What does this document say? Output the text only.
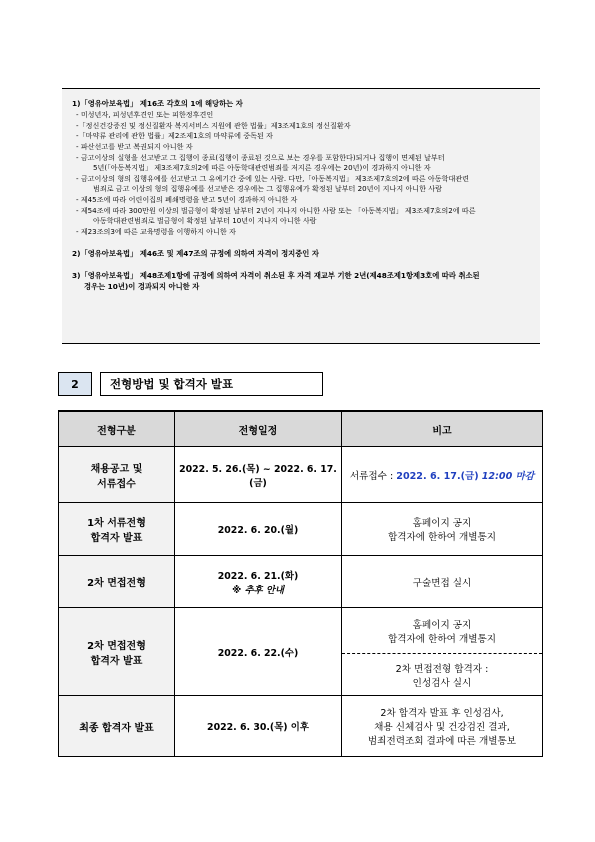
1)「영유아보육법」 제16조 각호의 1에 해당하는 자
- 미성년자, 피성년후견인 또는 피한정후견인
-「정신건강증진 및 정신질환자 복지서비스 지원에 관한 법률」제3조제1호의 정신질환자
-「마약류 관리에 관한 법률」제2조제1호의 마약류에 중독된 자
- 파산선고를 받고 복권되지 아니한 자
- 금고이상의 실형을 선고받고 그 집행이 종료(집행이 종료된 것으로 보는 경우를 포함한다)되거나 집행이 면제된 날부터
5년(「아동복지법」 제3조제7호의2에 따른 아동학대관련범죄를 저지른 경우에는 20년)이 경과하지 아니한 자
- 금고이상의 형의 집행유예를 선고받고 그 유예기간 중에 있는 사람. 다만,「아동복지법」 제3조제7호의2에 따른 아동학대관련
범죄로 금고 이상의 형의 집행유예를 선고받은 경우에는 그 집행유예가 확정된 날부터 20년이 지나지 아니한 사람
- 제45조에 따라 어린이집의 폐쇄명령을 받고 5년이 경과하지 아니한 자
- 제54조에 따라 300만원 이상의 벌금형이 확정된 날부터 2년이 지나지 아니한 사람 또는 「아동복지법」 제3조제7호의2에 따른
아동학대관련범죄로 벌금형이 확정된 날부터 10년이 지나지 아니한 사람
- 제23조의3에 따른 교육명령을 이행하지 아니한 자
2)「영유아보육법」 제46조 및 제47조의 규정에 의하여 자격이 정지중인 자
3)「영유아보육법」 제48조제1항에 규정에 의하여 자격이 취소된 후 자격 재교부 기한 2년(제48조제1항제3호에 따라 취소된
경우는 10년)이 경과되지 아니한 자
2	전형방법 및 합격자 발표
전형구분	전형일정	비고

채용공고 및
서류접수	2022. 5. 26.(목) ~ 2022. 6. 17.(금)	서류접수 : 2022. 6. 17.(금) 12:00 마감

1차 서류전형
합격자 발표	2022. 6. 20.(월)	홈페이지 공지
합격자에 한하여 개별통지

2차 면접전형	2022. 6. 21.(화)
※ 추후 안내	구술면접 실시

2차 면접전형
합격자 발표	2022. 6. 22.(수)	홈페이지 공지
합격자에 한하여 개별통지

		2차 면접전형 합격자 :
인성검사 실시

최종 합격자 발표	2022. 6. 30.(목) 이후	2차 합격자 발표 후 인성검사,
채용 신체검사 및 건강검진 결과,
범죄전력조회 결과에 따른 개별통보
